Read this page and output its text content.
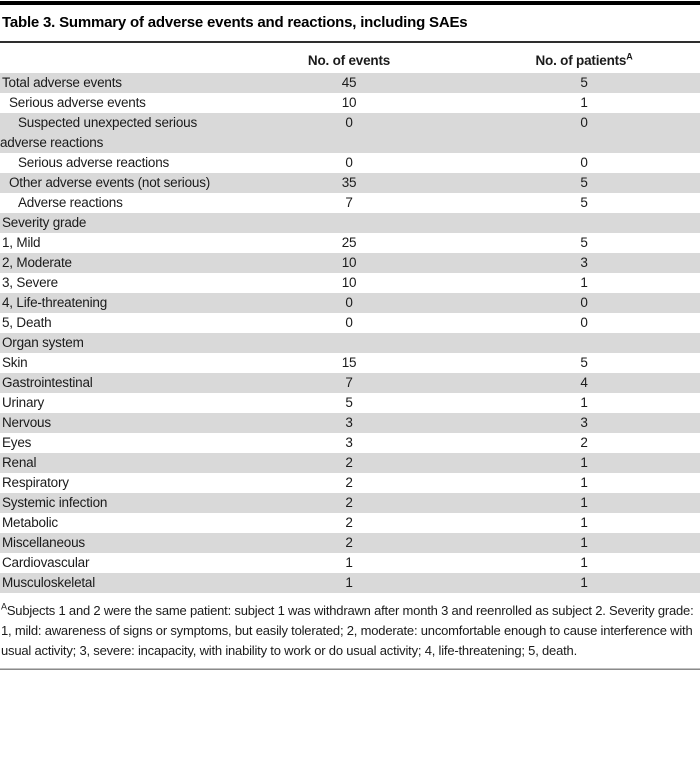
Table 3. Summary of adverse events and reactions, including SAEs
	No. of events	No. of patients$^A$
Total adverse events	45	5
Serious adverse events	10	1
Suspected unexpected serious adverse reactions	0	0
Serious adverse reactions	0	0
Other adverse events (not serious)	35	5
Adverse reactions	7	5
Severity grade		
1, Mild	25	5
2, Moderate	10	3
3, Severe	10	1
4, Life-threatening	0	0
5, Death	0	0
Organ system		
Skin	15	5
Gastrointestinal	7	4
Urinary	5	1
Nervous	3	3
Eyes	3	2
Renal	2	1
Respiratory	2	1
Systemic infection	2	1
Metabolic	2	1
Miscellaneous	2	1
Cardiovascular	1	1
Musculoskeletal	1	1

$^A$Subjects 1 and 2 were the same patient: subject 1 was withdrawn after month 3 and reenrolled as subject 2. Severity grade: 1, mild: awareness of signs or symptoms, but easily tolerated; 2, moderate: uncomfortable enough to cause interference with usual activity; 3, severe: incapacity, with inability to work or do usual activity; 4, life-threatening; 5, death.
